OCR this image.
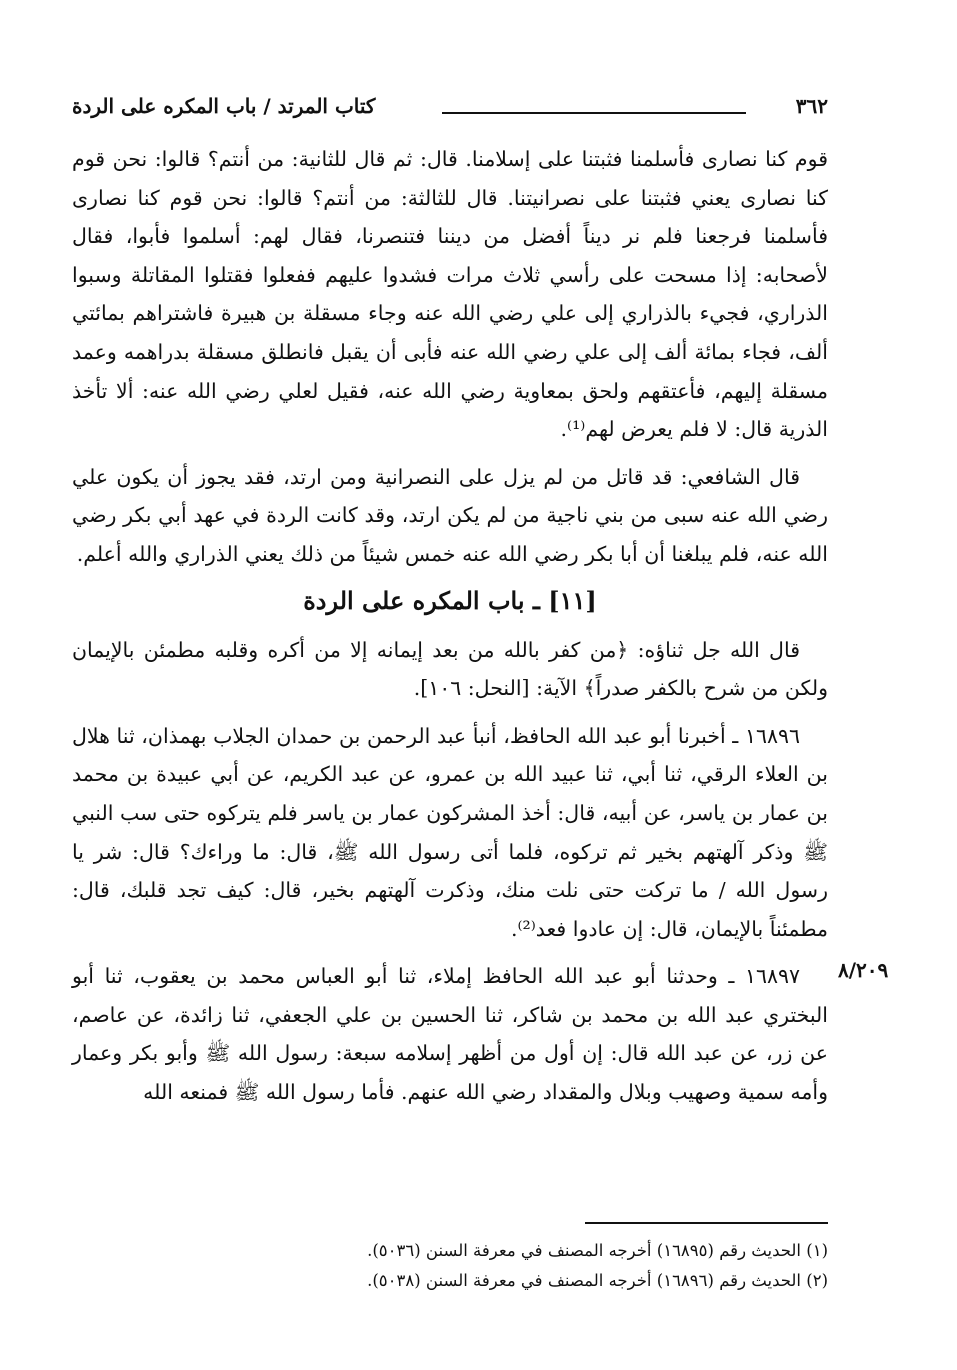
٣٦٢
كتاب المرتد / باب المكره على الردة

قوم كنا نصارى فأسلمنا فثبتنا على إسلامنا. قال: ثم قال للثانية: من أنتم؟ قالوا: نحن قوم كنا نصارى يعني فثبتنا على نصرانيتنا. قال للثالثة: من أنتم؟ قالوا: نحن قوم كنا نصارى فأسلمنا فرجعنا فلم نر ديناً أفضل من ديننا فتنصرنا، فقال لهم: أسلموا فأبوا، فقال لأصحابه: إذا مسحت على رأسي ثلاث مرات فشدوا عليهم ففعلوا فقتلوا المقاتلة وسبوا الذراري، فجيء بالذراري إلى علي رضي الله عنه وجاء مسقلة بن هبيرة فاشتراهم بمائتي ألف، فجاء بمائة ألف إلى علي رضي الله عنه فأبى أن يقبل فانطلق مسقلة بدراهمه وعمد مسقلة إليهم، فأعتقهم ولحق بمعاوية رضي الله عنه، فقيل لعلي رضي الله عنه: ألا تأخذ الذرية قال: لا فلم يعرض لهم⁽¹⁾.

قال الشافعي: قد قاتل من لم يزل على النصرانية ومن ارتد، فقد يجوز أن يكون علي رضي الله عنه سبى من بني ناجية من لم يكن ارتد، وقد كانت الردة في عهد أبي بكر رضي الله عنه، فلم يبلغنا أن أبا بكر رضي الله عنه خمس شيئاً من ذلك يعني الذراري والله أعلم.

[١١] ـ باب المكره على الردة

قال الله جل ثناؤه: ﴿من كفر بالله من بعد إيمانه إلا من أكره وقلبه مطمئن بالإيمان ولكن من شرح بالكفر صدراً﴾ الآية: [النحل: ١٠٦].

١٦٨٩٦ ـ أخبرنا أبو عبد الله الحافظ، أنبأ عبد الرحمن بن حمدان الجلاب بهمذان، ثنا هلال بن العلاء الرقي، ثنا أبي، ثنا عبيد الله بن عمرو، عن عبد الكريم، عن أبي عبيدة بن محمد بن عمار بن ياسر، عن أبيه، قال: أخذ المشركون عمار بن ياسر فلم يتركوه حتى سب النبي ﷺ وذكر آلهتهم بخير ثم تركوه، فلما أتى رسول الله ﷺ، قال: ما وراءك؟ قال: شر يا رسول الله / ما تركت حتى نلت منك، وذكرت آلهتهم بخير، قال: كيف تجد قلبك، قال: مطمئناً بالإيمان، قال: إن عادوا فعد⁽²⁾.

١٦٨٩٧ ـ وحدثنا أبو عبد الله الحافظ إملاء، ثنا أبو العباس محمد بن يعقوب، ثنا أبو البختري عبد الله بن محمد بن شاكر، ثنا الحسين بن علي الجعفي، ثنا زائدة، عن عاصم، عن زر، عن عبد الله قال: إن أول من أظهر إسلامه سبعة: رسول الله ﷺ وأبو بكر وعمار وأمه سمية وصهيب وبلال والمقداد رضي الله عنهم. فأما رسول الله ﷺ فمنعه الله

٨/٢٠٩
(١) الحديث رقم (١٦٨٩٥) أخرجه المصنف في معرفة السنن (٥٠٣٦).
(٢) الحديث رقم (١٦٨٩٦) أخرجه المصنف في معرفة السنن (٥٠٣٨).
